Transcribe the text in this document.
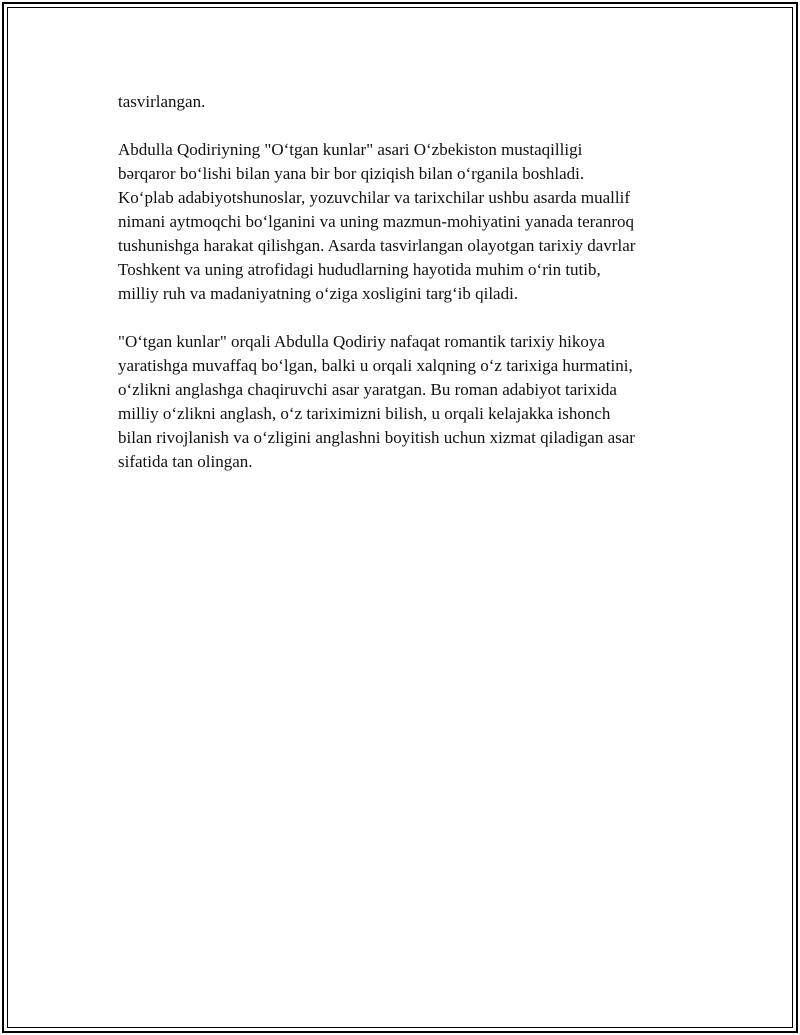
tasvirlangan.

Abdulla Qodiriyning "O‘tgan kunlar" asari O‘zbekiston mustaqilligi
bərqaror bo‘lishi bilan yana bir bor qiziqish bilan o‘rganila boshladi.
Ko‘plab adabiyotshunoslar, yozuvchilar va tarixchilar ushbu asarda muallif
nimani aytmoqchi bo‘lganini va uning mazmun-mohiyatini yanada teranroq
tushunishga harakat qilishgan. Asarda tasvirlangan olayotgan tarixiy davrlar
Toshkent va uning atrofidagi hududlarning hayotida muhim o‘rin tutib,
milliy ruh va madaniyatning o‘ziga xosligini targ‘ib qiladi.

"O‘tgan kunlar" orqali Abdulla Qodiriy nafaqat romantik tarixiy hikoya
yaratishga muvaffaq bo‘lgan, balki u orqali xalqning o‘z tarixiga hurmatini,
o‘zlikni anglashga chaqiruvchi asar yaratgan. Bu roman adabiyot tarixida
milliy o‘zlikni anglash, o‘z tariximizni bilish, u orqali kelajakka ishonch
bilan rivojlanish va o‘zligini anglashni boyitish uchun xizmat qiladigan asar
sifatida tan olingan.
